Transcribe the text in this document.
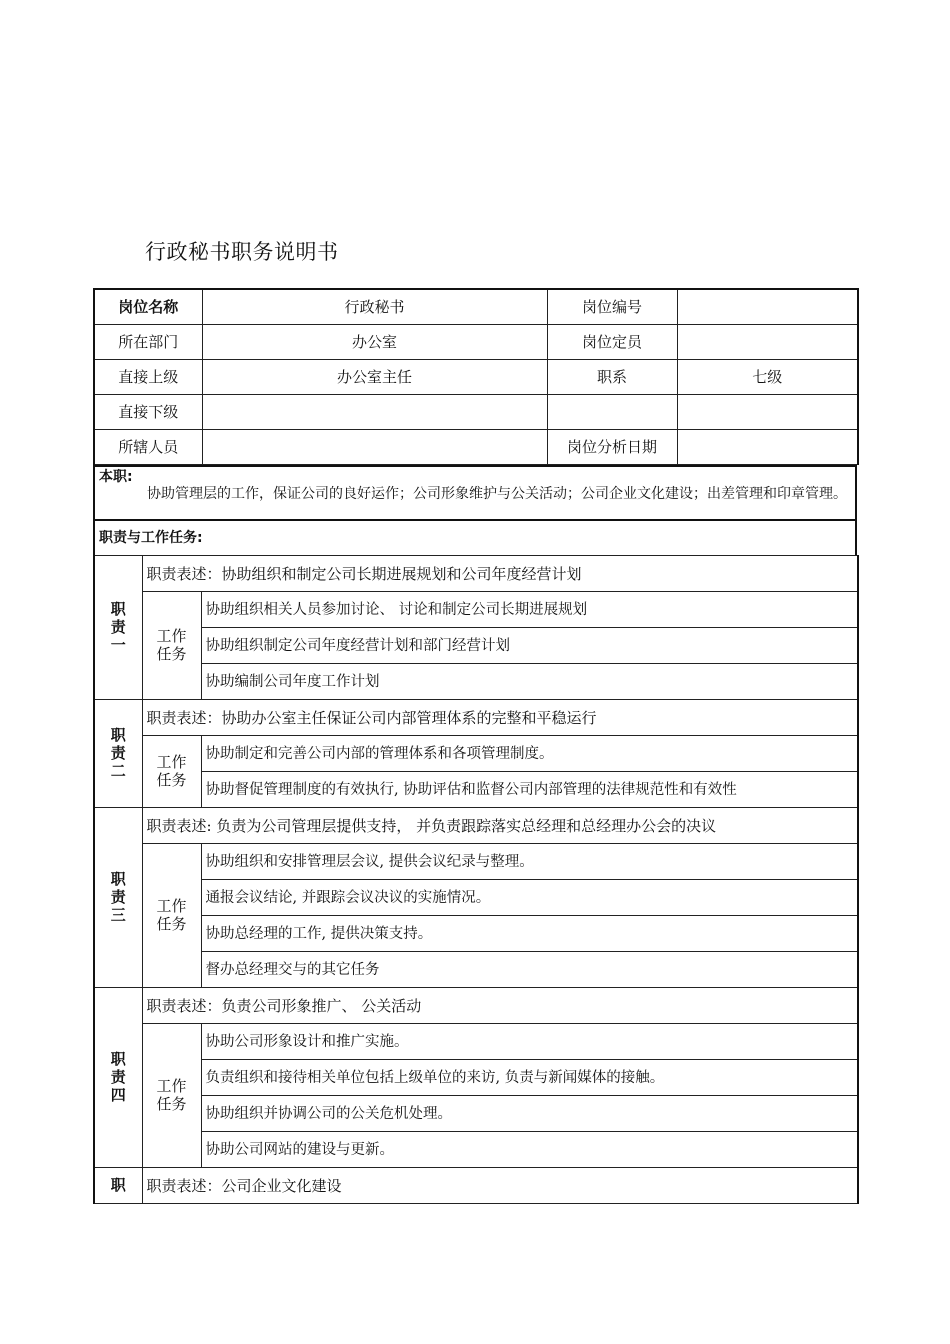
行政秘书职务说明书
岗位名称	行政秘书	岗位编号	
所在部门	办公室	岗位定员	
直接上级	办公室主任	职系	七级
直接下级			
所辖人员		岗位分析日期	
本职:
协助管理层的工作，保证公司的良好运作；公司形象维护与公关活动；公司企业文化建设；出差管理和印章管理。
职责与工作任务:
职
责
一	职责表述：协助组织和制定公司长期进展规划和公司年度经营计划	

	工作
任务	协助组织相关人员参加讨论、 讨论和制定公司长期进展规划
		协助组织制定公司年度经营计划和部门经营计划
		协助编制公司年度工作计划

职
责
二	职责表述：协助办公室主任保证公司内部管理体系的完整和平稳运行	

	工作
任务	协助制定和完善公司内部的管理体系和各项管理制度。
		协助督促管理制度的有效执行, 协助评估和监督公司内部管理的法律规范性和有效性

职
责
三	职责表述: 负责为公司管理层提供支持， 并负责跟踪落实总经理和总经理办公会的决议	

	工作
任务	协助组织和安排管理层会议, 提供会议纪录与整理。
		通报会议结论, 并跟踪会议决议的实施情况。
		协助总经理的工作, 提供决策支持。
		督办总经理交与的其它任务

职
责
四	职责表述：负责公司形象推广、 公关活动	

	工作
任务	协助公司形象设计和推广实施。
		负责组织和接待相关单位包括上级单位的来访, 负责与新闻媒体的接触。
		协助组织并协调公司的公关危机处理。
		协助公司网站的建设与更新。

职	职责表述：公司企业文化建设	
